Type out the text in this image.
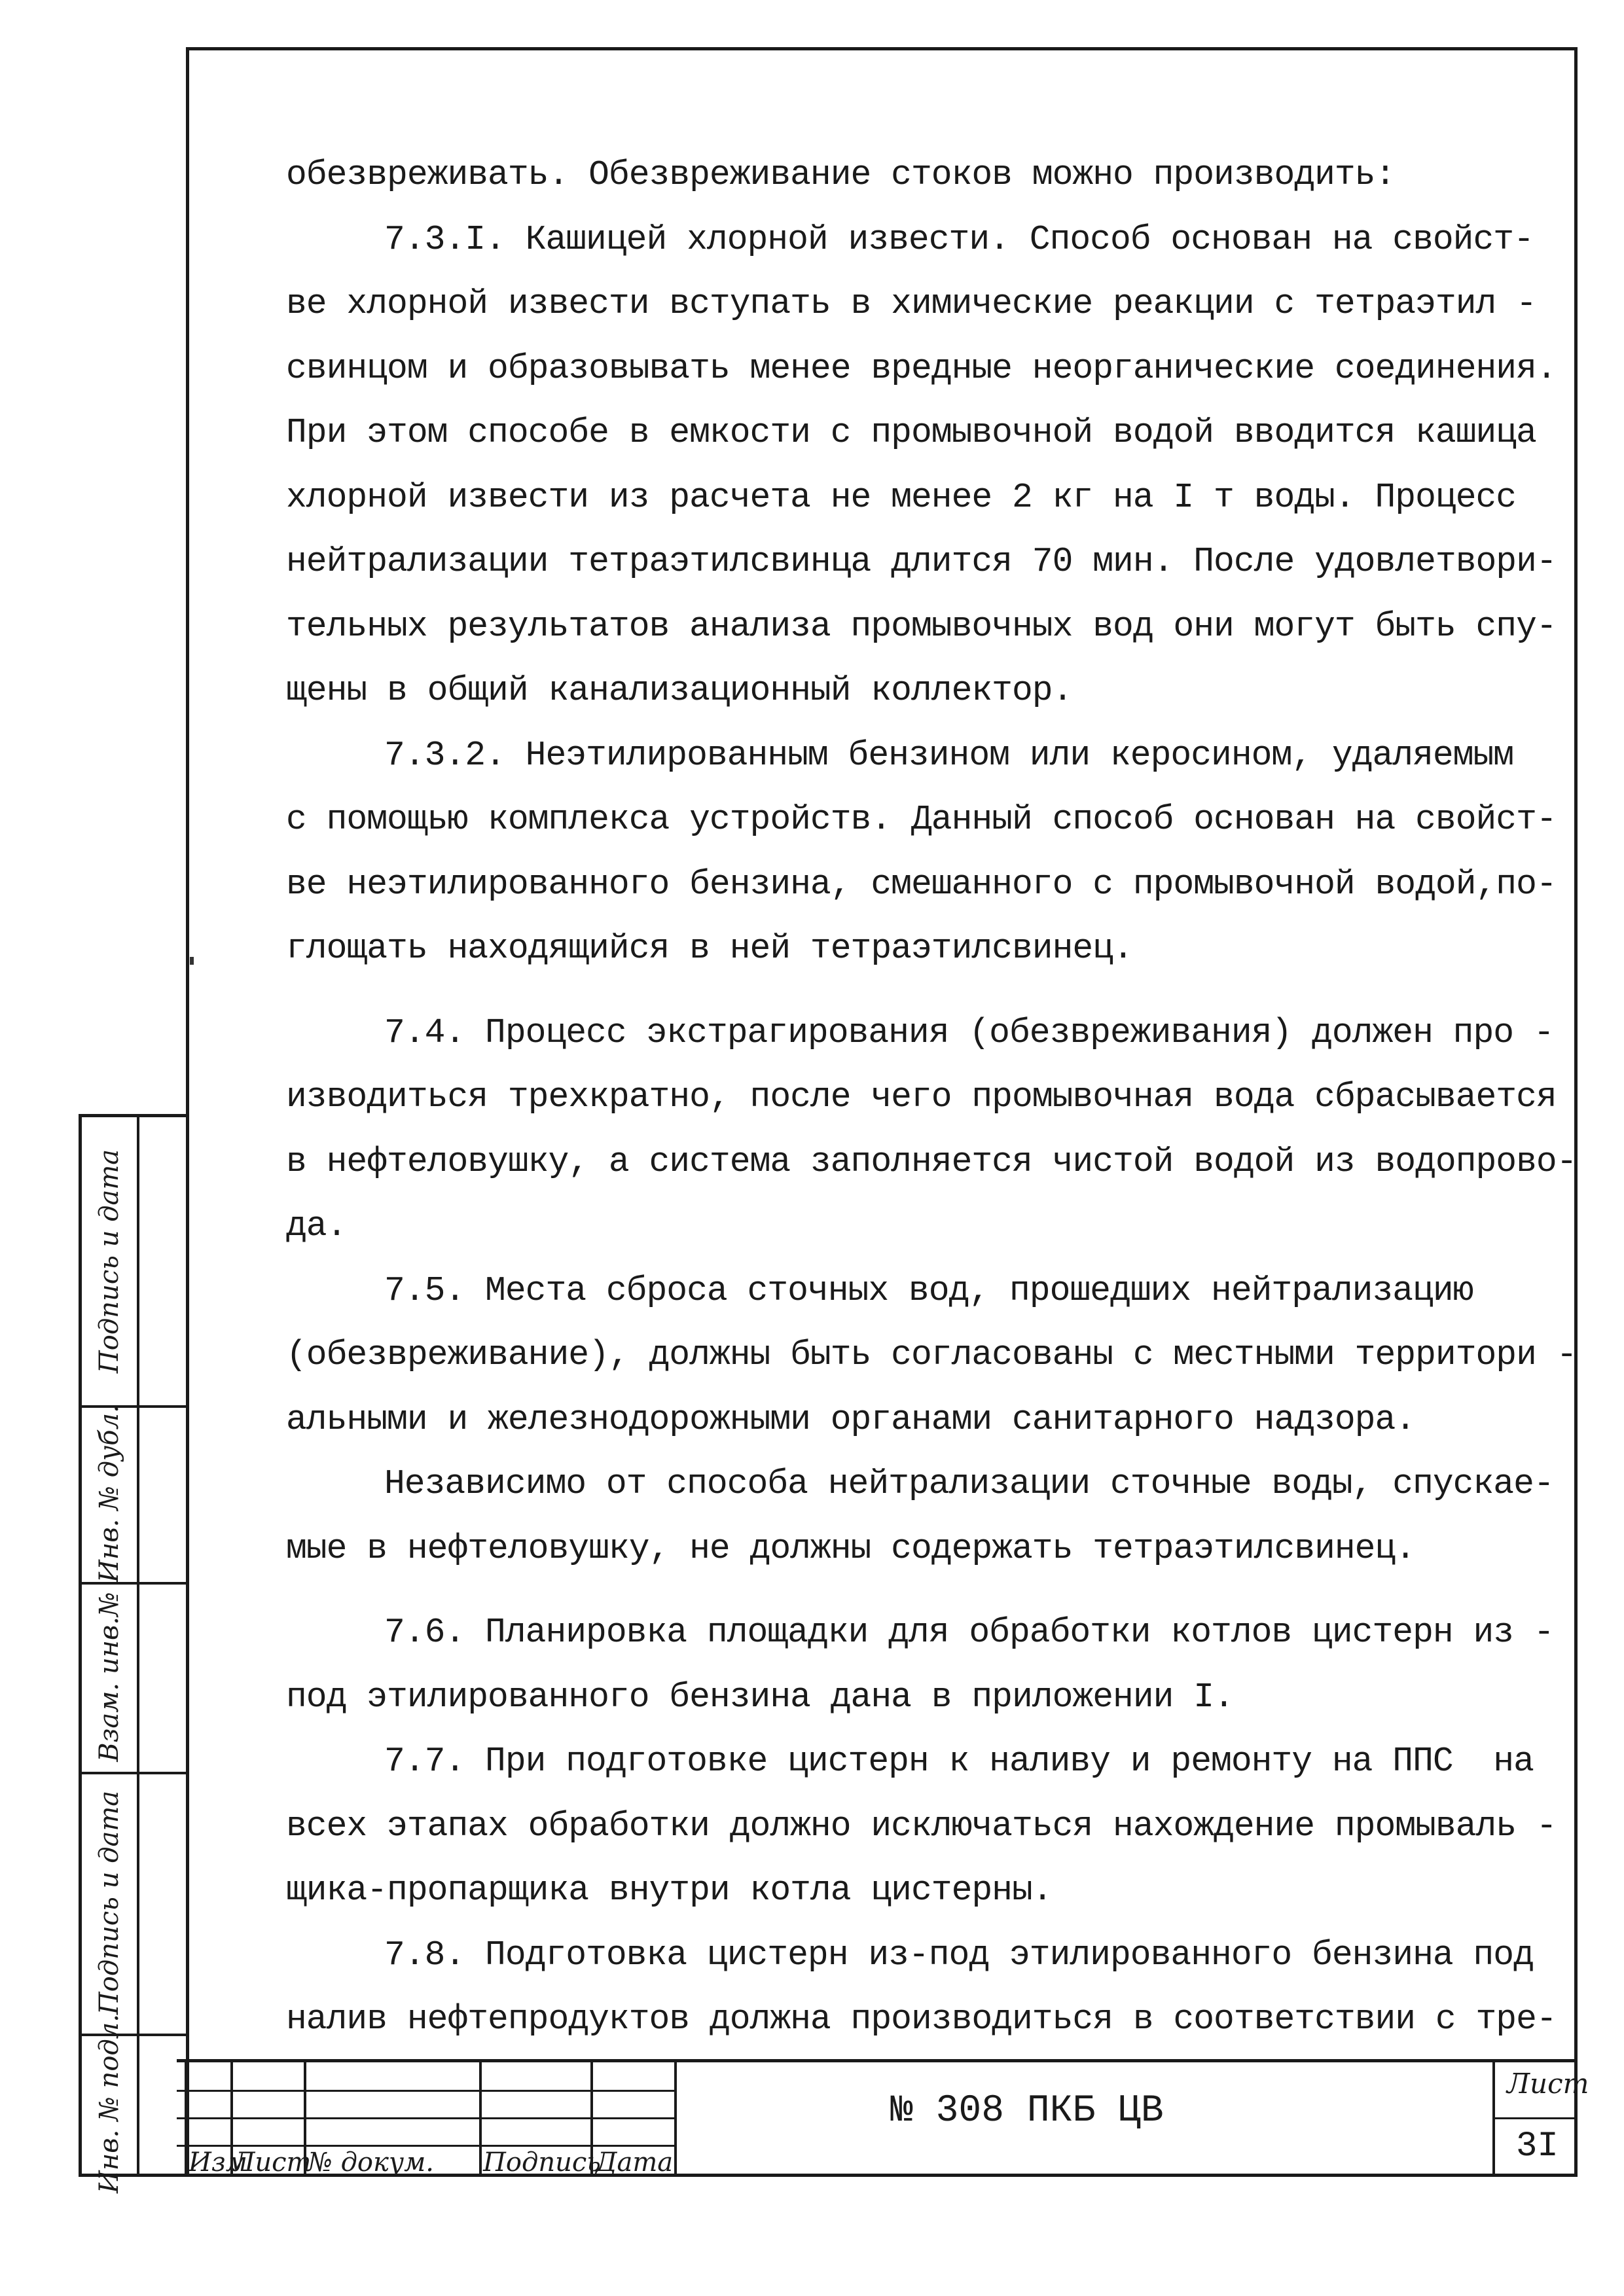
обезвреживать. Обезвреживание стоков можно производить:
7.3.I. Кашицей хлорной извести. Способ основан на свойст-
ве хлорной извести вступать в химические реакции с тетраэтил -
свинцом и образовывать менее вредные неорганические соединения.
При этом способе в емкости с промывочной водой вводится кашица
хлорной извести из расчета не менее 2 кг на I т воды. Процесс
нейтрализации тетраэтилсвинца длится 70 мин. После удовлетвори-
тельных результатов анализа промывочных вод они могут быть спу-
щены в общий канализационный коллектор.
7.3.2. Неэтилированным бензином или керосином, удаляемым
с помощью комплекса устройств. Данный способ основан на свойст-
ве неэтилированного бензина, смешанного с промывочной водой,по-
глощать находящийся в ней тетраэтилсвинец.
7.4. Процесс экстрагирования (обезвреживания) должен про -
изводиться трехкратно, после чего промывочная вода сбрасывается
в нефтеловушку, а система заполняется чистой водой из водопрово-
да.
7.5. Места сброса сточных вод, прошедших нейтрализацию
(обезвреживание), должны быть согласованы с местными территори -
альными и железнодорожными органами санитарного надзора.
Независимо от способа нейтрализации сточные воды, спускае-
мые в нефтеловушку, не должны содержать тетраэтилсвинец.
7.6. Планировка площадки для обработки котлов цистерн из -
под этилированного бензина дана в приложении I.
7.7. При подготовке цистерн к наливу и ремонту на ППС  на
всех этапах обработки должно исключаться нахождение промываль -
щика-пропарщика внутри котла цистерны.
7.8. Подготовка цистерн из-под этилированного бензина под
налив нефтепродуктов должна производиться в соответствии с тре-
Подпись и дата
Инв. № дубл.
Взам. инв.№
Подпись и дата
Инв. № подл. Изм
Лист
№ докум. Подпись
Дата
№ 308 ПКБ ЦВ
Лист
3I
